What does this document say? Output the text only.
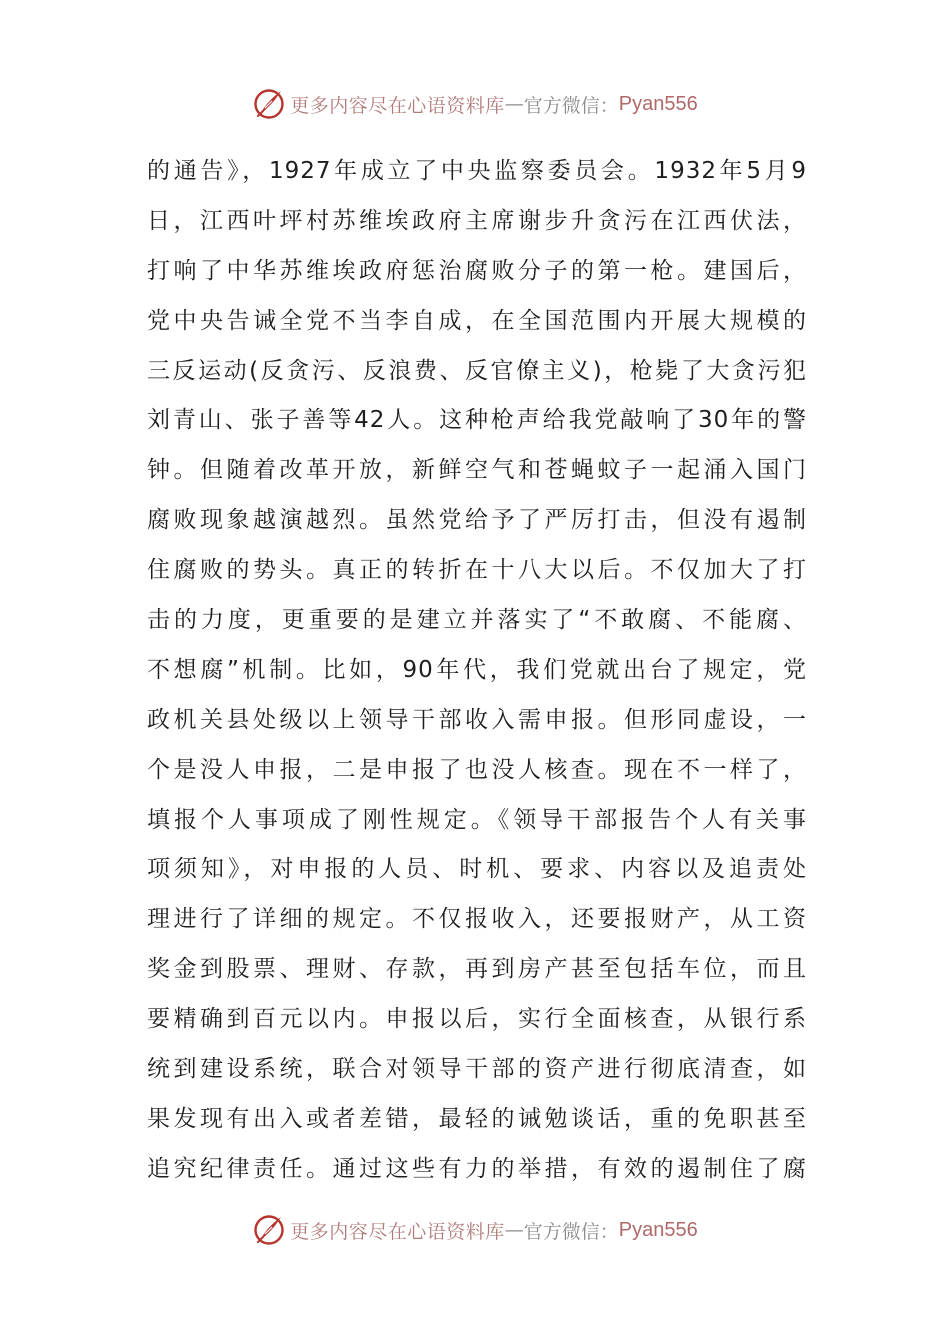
更多内容尽在心语资料库 — 官方微信： Pyan556
的通告》，1927年成立了中央监察委员会。1932年5月9
日，江西叶坪村苏维埃政府主席谢步升贪污在江西伏法，
打响了中华苏维埃政府惩治腐败分子的第一枪。建国后，
党中央告诫全党不当李自成，在全国范围内开展大规模的
三反运动(反贪污、反浪费、反官僚主义)，枪毙了大贪污犯
刘青山、张子善等42人。这种枪声给我党敲响了30年的警
钟。但随着改革开放，新鲜空气和苍蝇蚊子一起涌入国门
腐败现象越演越烈。虽然党给予了严厉打击，但没有遏制
住腐败的势头。真正的转折在十八大以后。不仅加大了打
击的力度，更重要的是建立并落实了“不敢腐、不能腐、
不想腐”机制。比如，90年代，我们党就出台了规定，党
政机关县处级以上领导干部收入需申报。但形同虚设，一
个是没人申报，二是申报了也没人核查。现在不一样了，
填报个人事项成了刚性规定。《领导干部报告个人有关事
项须知》，对申报的人员、时机、要求、内容以及追责处
理进行了详细的规定。不仅报收入，还要报财产，从工资
奖金到股票、理财、存款，再到房产甚至包括车位，而且
要精确到百元以内。申报以后，实行全面核查，从银行系
统到建设系统，联合对领导干部的资产进行彻底清查，如
果发现有出入或者差错，最轻的诫勉谈话，重的免职甚至
追究纪律责任。通过这些有力的举措，有效的遏制住了腐
更多内容尽在心语资料库 — 官方微信： Pyan556
